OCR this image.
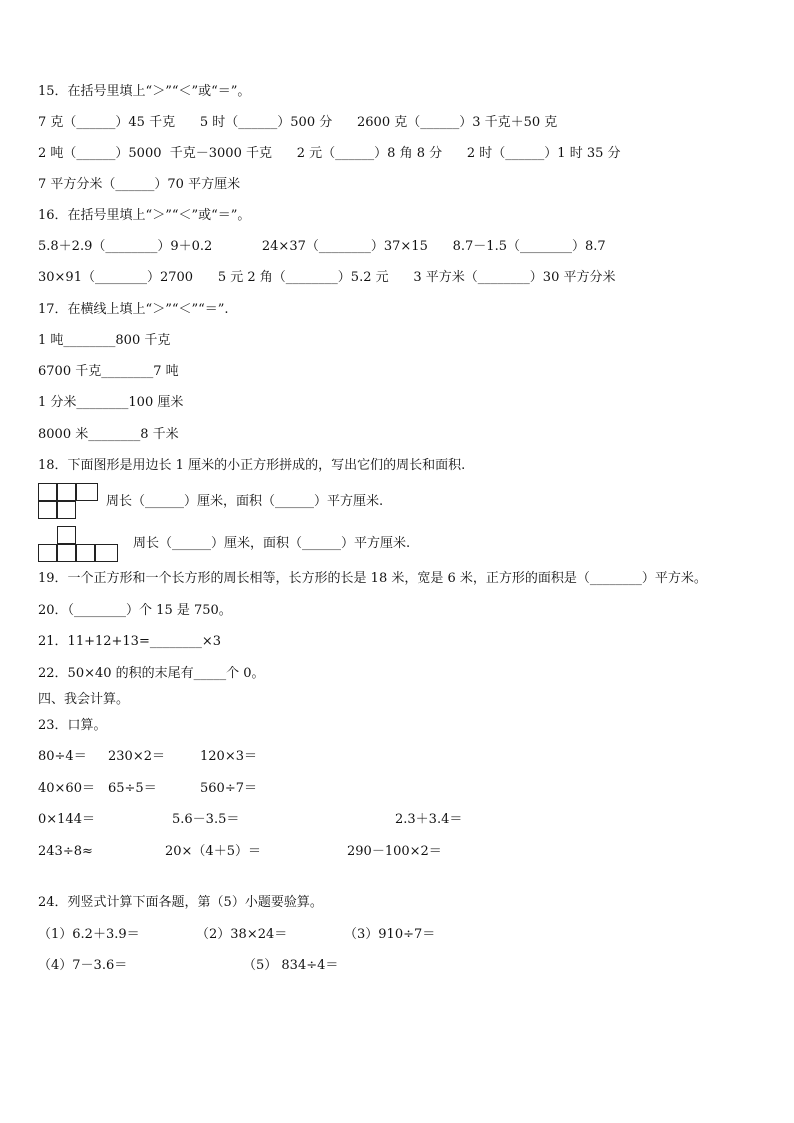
15．在括号里填上“＞”“＜”或“＝”。
7 克（______）45 千克      5 时（______）500 分      2600 克（______）3 千克＋50 克
2 吨（______）5000  千克－3000 千克      2 元（______）8 角 8 分      2 时（______）1 时 35 分
7 平方分米（______）70 平方厘米
16．在括号里填上“＞”“＜”或“＝”。
5.8＋2.9（________）9＋0.2            24×37（________）37×15      8.7－1.5（________）8.7
30×91（________）2700      5 元 2 角（________）5.2 元      3 平方米（________）30 平方分米
17．在横线上填上“＞”“＜”“＝”.
1 吨________800 千克
6700 千克________7 吨
1 分米________100 厘米
8000 米________8 千米
18．下面图形是用边长 1 厘米的小正方形拼成的，写出它们的周长和面积.
周长（______）厘米，面积（______）平方厘米.
周长（______）厘米，面积（______）平方厘米.
19．一个正方形和一个长方形的周长相等，长方形的长是 18 米，宽是 6 米，正方形的面积是（________）平方米。
20．（________）个 15 是 750。
21．11+12+13=________×3
22．50×40 的积的末尾有_____个 0。
四、我会计算。
23．口算。
80÷4＝ 230×2＝	120×3＝
40×60＝ 65÷5＝	560÷7＝
0×144＝	5.6－3.5＝	2.3＋3.4＝
243÷8≈	20×（4＋5）＝	290－100×2＝
24．列竖式计算下面各题，第（5）小题要验算。
（1）6.2＋3.9＝	（2）38×24＝	（3）910÷7＝
（4）7－3.6＝	（5） 834÷4＝
